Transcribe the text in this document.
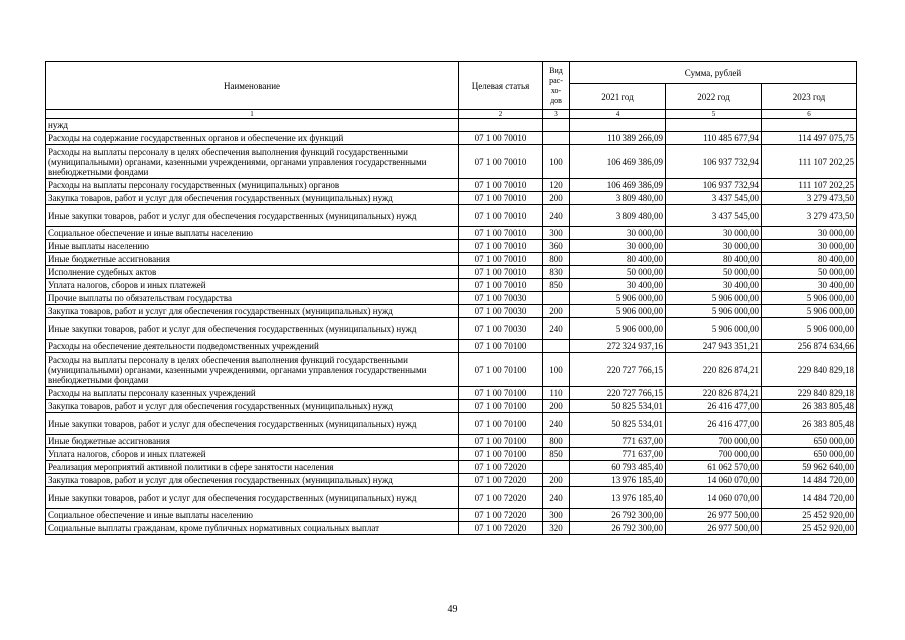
Наименование	Целевая статья	Вид рас-хо-дов	Сумма, рублей		
			2021 год	2022 год	2023 год
1	2	3	4	5	6
нужд					
Расходы на содержание государственных органов и обеспечение их функций	07 1 00 70010		110 389 266,09	110 485 677,94	114 497 075,75
Расходы на выплаты персоналу в целях обеспечения выполнения функций государственными (муниципальными) органами, казенными учреждениями, органами управления государственными внебюджетными фондами	07 1 00 70010	100	106 469 386,09	106 937 732,94	111 107 202,25
Расходы на выплаты персоналу государственных (муниципальных) органов	07 1 00 70010	120	106 469 386,09	106 937 732,94	111 107 202,25
Закупка товаров, работ и услуг для обеспечения государственных (муниципальных) нужд	07 1 00 70010	200	3 809 480,00	3 437 545,00	3 279 473,50
Иные закупки товаров, работ и услуг для обеспечения государственных (муниципальных) нужд	07 1 00 70010	240	3 809 480,00	3 437 545,00	3 279 473,50
Социальное обеспечение и иные выплаты населению	07 1 00 70010	300	30 000,00	30 000,00	30 000,00
Иные выплаты населению	07 1 00 70010	360	30 000,00	30 000,00	30 000,00
Иные бюджетные ассигнования	07 1 00 70010	800	80 400,00	80 400,00	80 400,00
Исполнение судебных актов	07 1 00 70010	830	50 000,00	50 000,00	50 000,00
Уплата налогов, сборов и иных платежей	07 1 00 70010	850	30 400,00	30 400,00	30 400,00
Прочие выплаты по обязательствам государства	07 1 00 70030		5 906 000,00	5 906 000,00	5 906 000,00
Закупка товаров, работ и услуг для обеспечения государственных (муниципальных) нужд	07 1 00 70030	200	5 906 000,00	5 906 000,00	5 906 000,00
Иные закупки товаров, работ и услуг для обеспечения государственных (муниципальных) нужд	07 1 00 70030	240	5 906 000,00	5 906 000,00	5 906 000,00
Расходы на обеспечение деятельности подведомственных учреждений	07 1 00 70100		272 324 937,16	247 943 351,21	256 874 634,66
Расходы на выплаты персоналу в целях обеспечения выполнения функций государственными (муниципальными) органами, казенными учреждениями, органами управления государственными внебюджетными фондами	07 1 00 70100	100	220 727 766,15	220 826 874,21	229 840 829,18
Расходы на выплаты персоналу казенных учреждений	07 1 00 70100	110	220 727 766,15	220 826 874,21	229 840 829,18
Закупка товаров, работ и услуг для обеспечения государственных (муниципальных) нужд	07 1 00 70100	200	50 825 534,01	26 416 477,00	26 383 805,48
Иные закупки товаров, работ и услуг для обеспечения государственных (муниципальных) нужд	07 1 00 70100	240	50 825 534,01	26 416 477,00	26 383 805,48
Иные бюджетные ассигнования	07 1 00 70100	800	771 637,00	700 000,00	650 000,00
Уплата налогов, сборов и иных платежей	07 1 00 70100	850	771 637,00	700 000,00	650 000,00
Реализация мероприятий активной политики в сфере занятости населения	07 1 00 72020		60 793 485,40	61 062 570,00	59 962 640,00
Закупка товаров, работ и услуг для обеспечения государственных (муниципальных) нужд	07 1 00 72020	200	13 976 185,40	14 060 070,00	14 484 720,00
Иные закупки товаров, работ и услуг для обеспечения государственных (муниципальных) нужд	07 1 00 72020	240	13 976 185,40	14 060 070,00	14 484 720,00
Социальное обеспечение и иные выплаты населению	07 1 00 72020	300	26 792 300,00	26 977 500,00	25 452 920,00
Социальные выплаты гражданам, кроме публичных нормативных социальных выплат	07 1 00 72020	320	26 792 300,00	26 977 500,00	25 452 920,00
49
